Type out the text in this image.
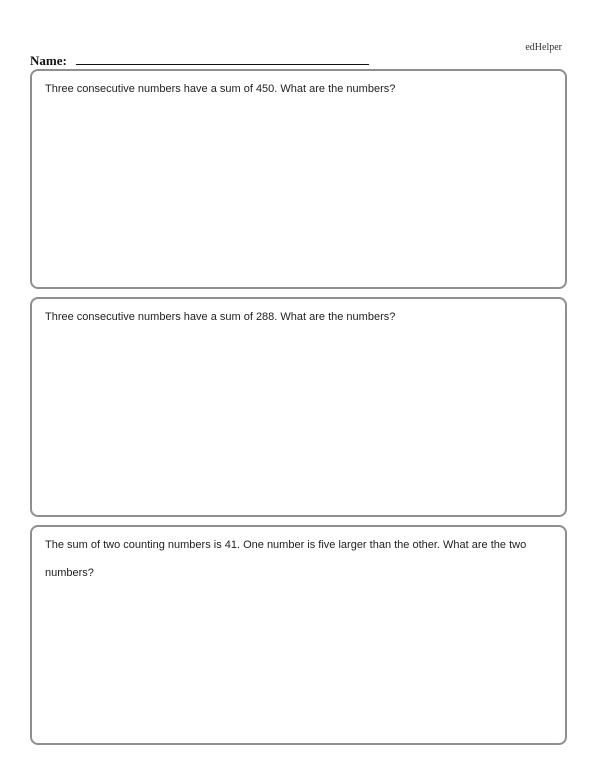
edHelper
Name:
Three consecutive numbers have a sum of 450. What are the numbers?
Three consecutive numbers have a sum of 288. What are the numbers?
The sum of two counting numbers is 41. One number is five larger than the other. What are the two numbers?
